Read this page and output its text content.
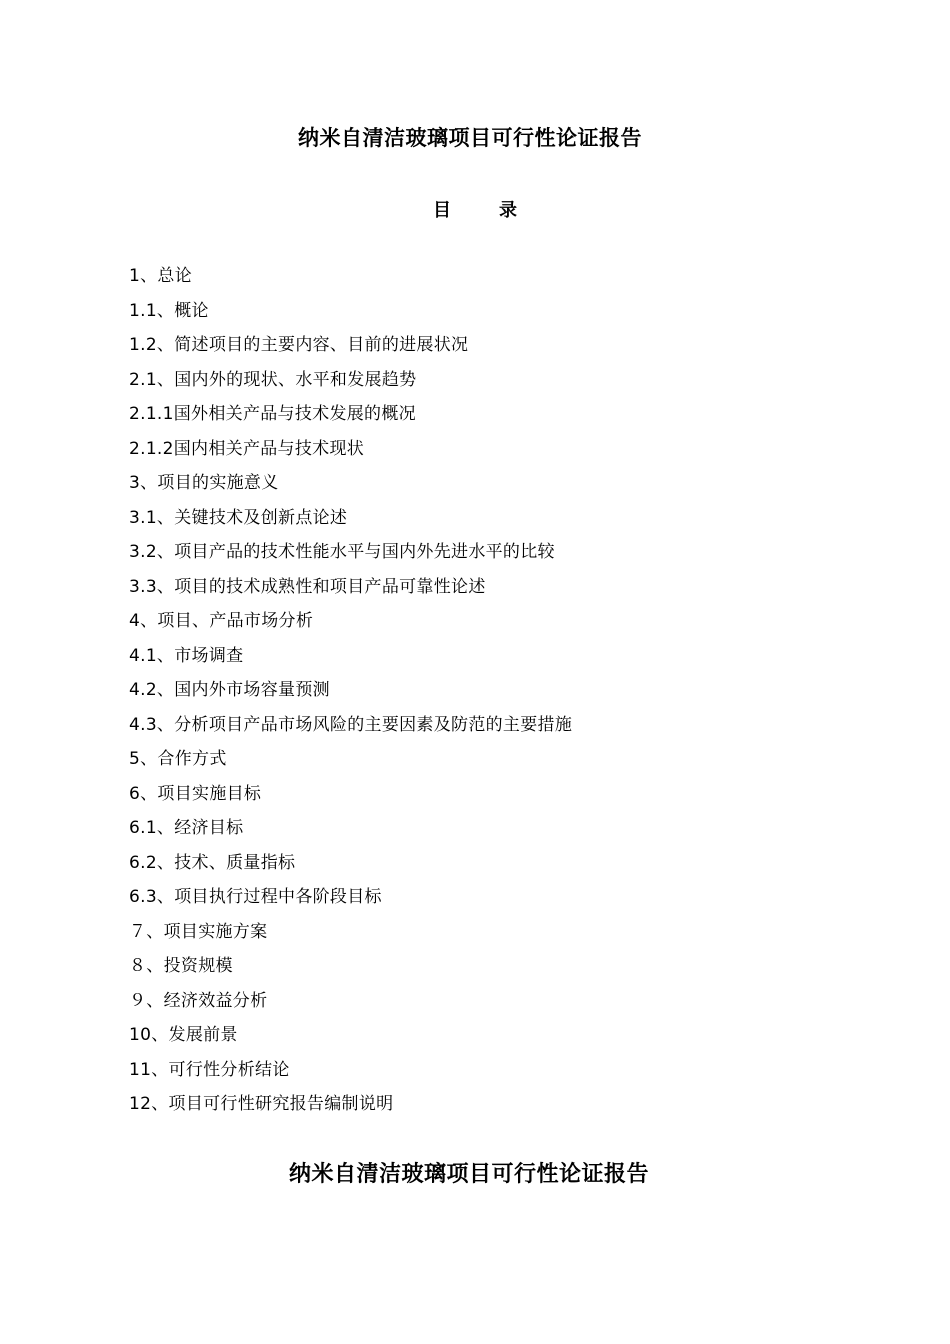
纳米自清洁玻璃项目可行性论证报告
目	录
1、总论
1.1、概论
1.2、简述项目的主要内容、目前的进展状况
2.1、国内外的现状、水平和发展趋势
2.1.1国外相关产品与技术发展的概况
2.1.2国内相关产品与技术现状
3、项目的实施意义
3.1、关键技术及创新点论述
3.2、项目产品的技术性能水平与国内外先进水平的比较
3.3、项目的技术成熟性和项目产品可靠性论述
4、项目、产品市场分析
4.1、市场调查
4.2、国内外市场容量预测
4.3、分析项目产品市场风险的主要因素及防范的主要措施
5、合作方式
6、项目实施目标
6.1、经济目标
6.2、技术、质量指标
6.3、项目执行过程中各阶段目标
７、项目实施方案
８、投资规模
９、经济效益分析
10、发展前景
11、可行性分析结论
12、项目可行性研究报告编制说明
纳米自清洁玻璃项目可行性论证报告
